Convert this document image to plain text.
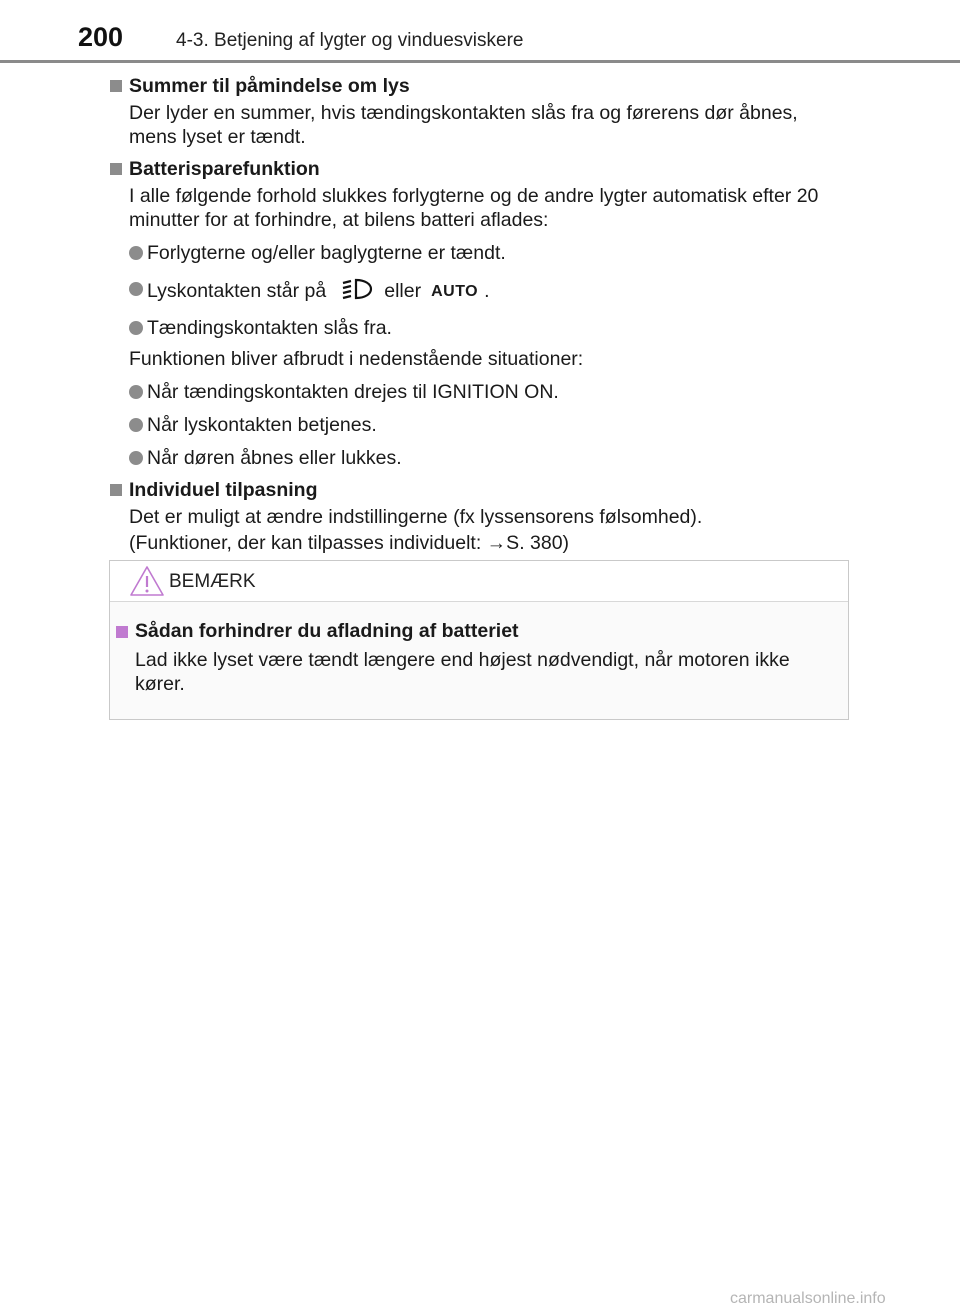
200	4-3. Betjening af lygter og vinduesviskere
Summer til påmindelse om lys
Der lyder en summer, hvis tændingskontakten slås fra og førerens dør åbnes, mens lyset er tændt.
Batterisparefunktion
I alle følgende forhold slukkes forlygterne og de andre lygter automatisk efter 20 minutter for at forhindre, at bilens batteri aflades:
Forlygterne og/eller baglygterne er tændt.
Lyskontakten står på	eller AUTO .
Tændingskontakten slås fra.
Funktionen bliver afbrudt i nedenstående situationer:
Når tændingskontakten drejes til IGNITION ON.
Når lyskontakten betjenes.
Når døren åbnes eller lukkes.
Individuel tilpasning
Det er muligt at ændre indstillingerne (fx lyssensorens følsomhed).
(Funktioner, der kan tilpasses individuelt: →S. 380)
BEMÆRK
Sådan forhindrer du afladning af batteriet
Lad ikke lyset være tændt længere end højest nødvendigt, når motoren ikke kører.
carmanualsonline.info
